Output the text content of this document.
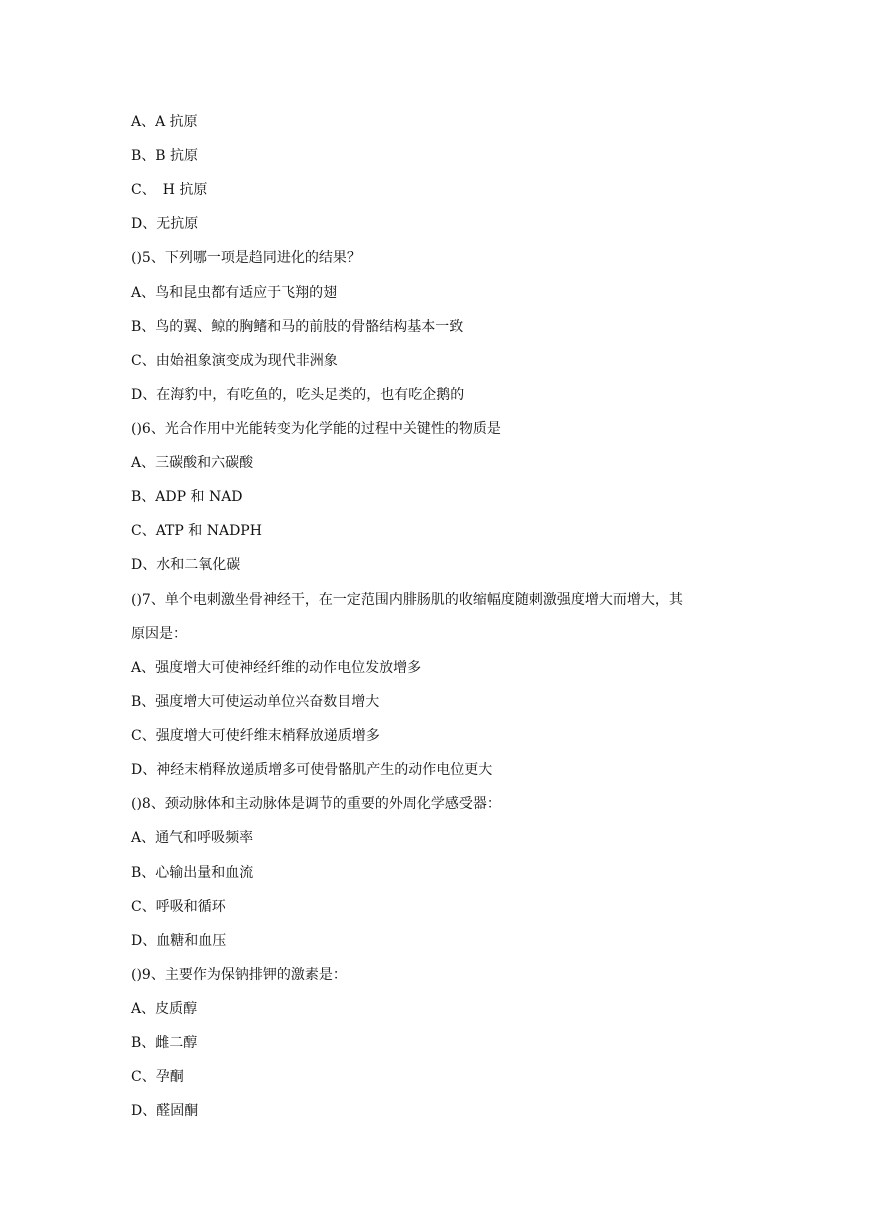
A、A 抗原
B、B 抗原
C、　H 抗原
D、无抗原
()5、下列哪一项是趋同进化的结果？
A、鸟和昆虫都有适应于飞翔的翅
B、鸟的翼、鲸的胸鳍和马的前肢的骨骼结构基本一致
C、由始祖象演变成为现代非洲象
D、在海豹中，有吃鱼的，吃头足类的，也有吃企鹅的
()6、光合作用中光能转变为化学能的过程中关键性的物质是
A、三碳酸和六碳酸
B、ADP 和 NAD
C、ATP 和 NADPH
D、水和二氧化碳
()7、单个电刺激坐骨神经干，在一定范围内腓肠肌的收缩幅度随刺激强度增大而增大，其
原因是：
A、强度增大可使神经纤维的动作电位发放增多
B、强度增大可使运动单位兴奋数目增大
C、强度增大可使纤维末梢释放递质增多
D、神经末梢释放递质增多可使骨骼肌产生的动作电位更大
()8、颈动脉体和主动脉体是调节的重要的外周化学感受器：
A、通气和呼吸频率
B、心输出量和血流
C、呼吸和循环
D、血糖和血压
()9、主要作为保钠排钾的激素是：
A、皮质醇
B、雌二醇
C、孕酮
D、醛固酮
